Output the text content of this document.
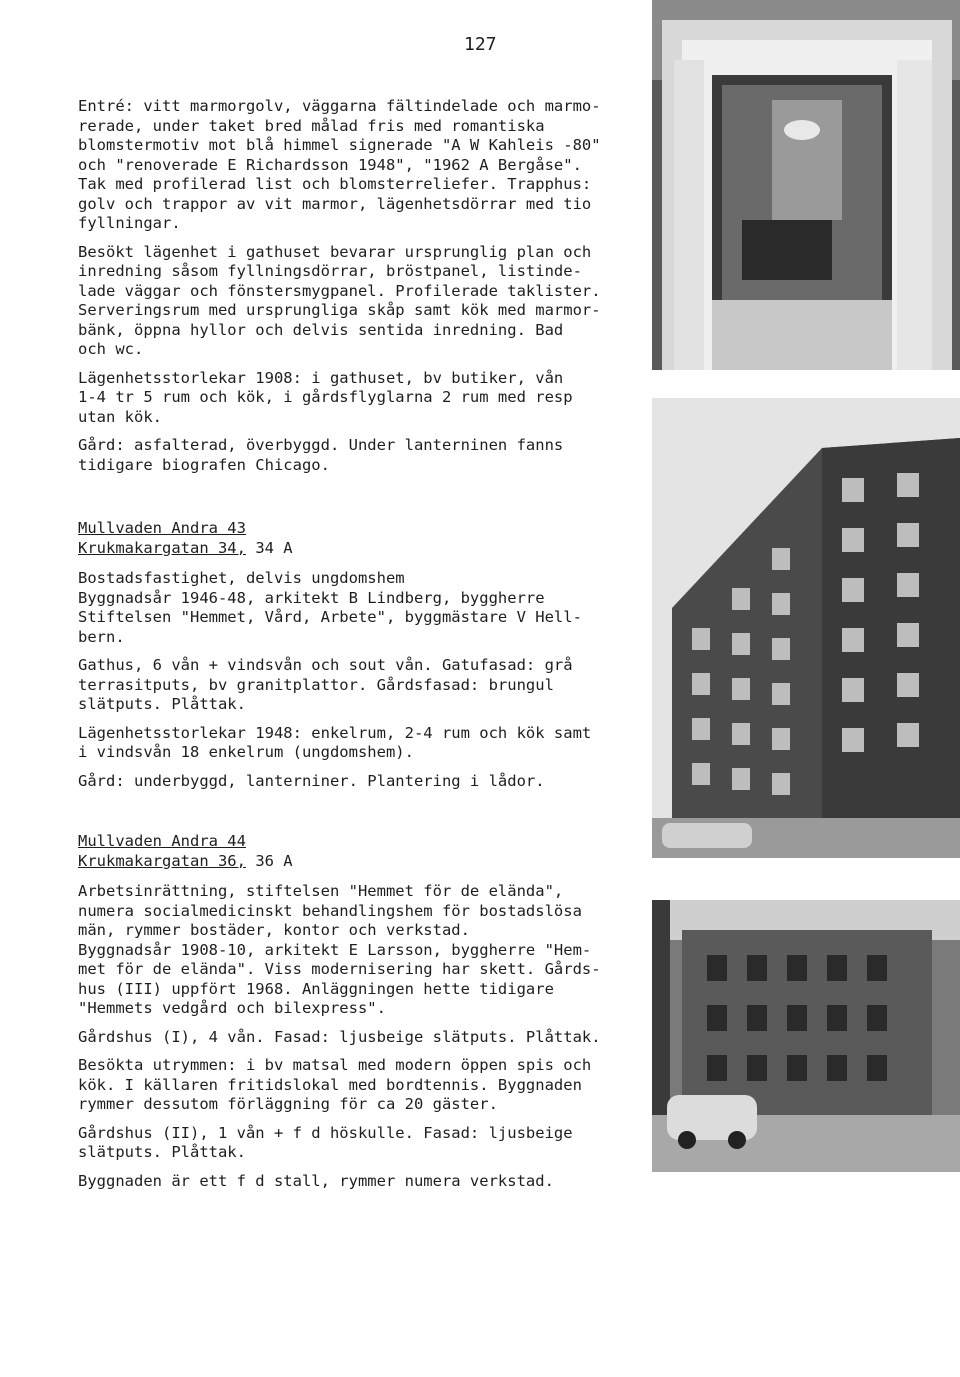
127

Entré: vitt marmorgolv, väggarna fältindelade och marmo-
rerade, under taket bred målad fris med romantiska
blomstermotiv mot blå himmel signerade "A W Kahleis -80"
och "renoverade E Richardsson 1948", "1962 A Bergåse".
Tak med profilerad list och blomsterreliefer. Trapphus:
golv och trappor av vit marmor, lägenhetsdörrar med tio
fyllningar.

Besökt lägenhet i gathuset bevarar ursprunglig plan och
inredning såsom fyllningsdörrar, bröstpanel, listinde-
lade väggar och fönstersmygpanel. Profilerade taklister.
Serveringsrum med ursprungliga skåp samt kök med marmor-
bänk, öppna hyllor och delvis sentida inredning. Bad
och wc.

Lägenhetsstorlekar 1908: i gathuset, bv butiker, vån
1-4 tr 5 rum och kök, i gårdsflyglarna 2 rum med resp
utan kök.

Gård: asfalterad, överbyggd. Under lanterninen fanns
tidigare biografen Chicago.

Mullvaden Andra 43

Krukmakargatan 34, 34 A

Bostadsfastighet, delvis ungdomshem
Byggnadsår 1946-48, arkitekt B Lindberg, byggherre
Stiftelsen "Hemmet, Vård, Arbete", byggmästare V Hell-
bern.

Gathus, 6 vån + vindsvån och sout vån. Gatufasad: grå
terrasitputs, bv granitplattor. Gårdsfasad: brungul
slätputs. Plåttak.

Lägenhetsstorlekar 1948: enkelrum, 2-4 rum och kök samt
i vindsvån 18 enkelrum (ungdomshem).

Gård: underbyggd, lanterniner. Plantering i lådor.

Mullvaden Andra 44

Krukmakargatan 36, 36 A

Arbetsinrättning, stiftelsen "Hemmet för de elända",
numera socialmedicinskt behandlingshem för bostadslösa
män, rymmer bostäder, kontor och verkstad.
Byggnadsår 1908-10, arkitekt E Larsson, byggherre "Hem-
met för de elända". Viss modernisering har skett. Gårds-
hus (III) uppfört 1968. Anläggningen hette tidigare
"Hemmets vedgård och bilexpress".

Gårdshus (I), 4 vån. Fasad: ljusbeige slätputs. Plåttak.

Besökta utrymmen: i bv matsal med modern öppen spis och
kök. I källaren fritidslokal med bordtennis. Byggnaden
rymmer dessutom förläggning för ca 20 gäster.

Gårdshus (II), 1 vån + f d höskulle. Fasad: ljusbeige
slätputs. Plåttak.

Byggnaden är ett f d stall, rymmer numera verkstad.
